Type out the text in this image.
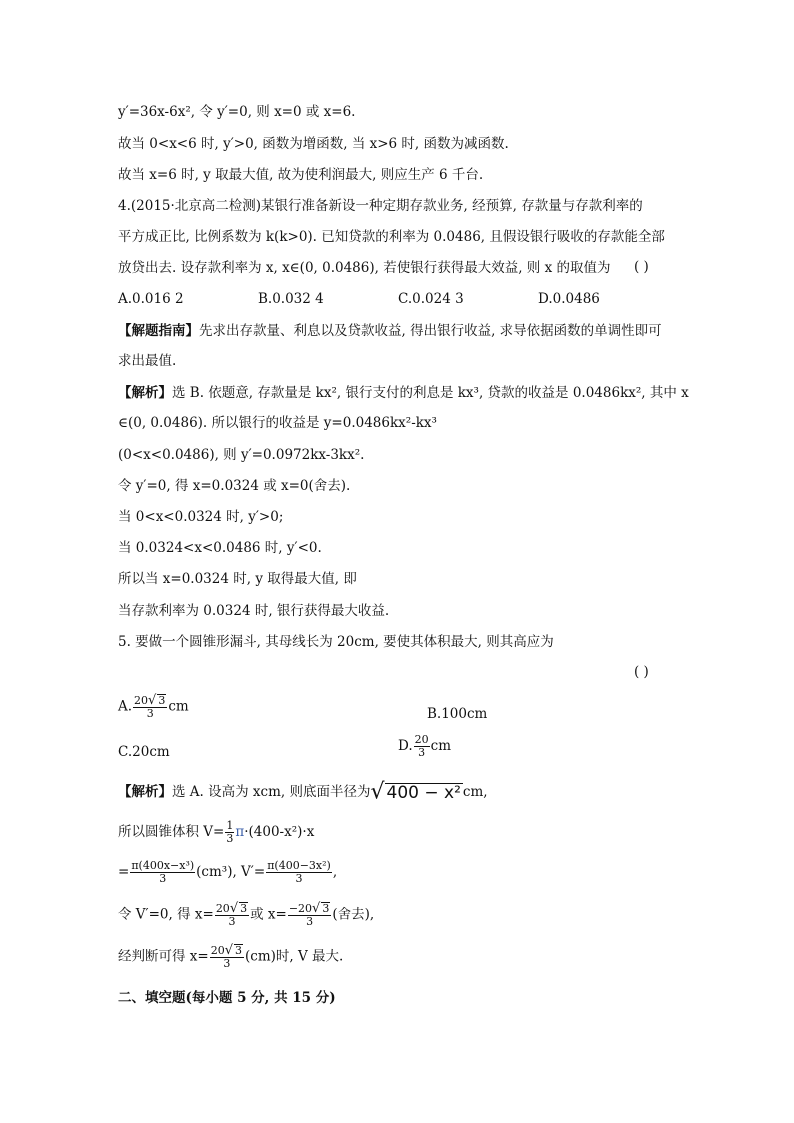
y′=36x-6x², 令 y′=0, 则 x=0 或 x=6.
故当 0<x<6 时, y′>0, 函数为增函数, 当 x>6 时, 函数为减函数.
故当 x=6 时, y 取最大值, 故为使利润最大, 则应生产 6 千台.
4.(2015·北京高二检测)某银行准备新设一种定期存款业务, 经预算, 存款量与存款利率的
平方成正比, 比例系数为 k(k>0). 已知贷款的利率为 0.0486, 且假设银行吸收的存款能全部
放贷出去. 设存款利率为 x, x∈(0, 0.0486), 若使银行获得最大效益, 则 x 的取值为 ( )
A.0.016 2	B.0.032 4	C.0.024 3	D.0.0486
【解题指南】先求出存款量、利息以及贷款收益, 得出银行收益, 求导依据函数的单调性即可
求出最值.
【解析】选 B. 依题意, 存款量是 kx², 银行支付的利息是 kx³, 贷款的收益是 0.0486kx², 其中 x
∈(0, 0.0486). 所以银行的收益是 y=0.0486kx²-kx³
(0<x<0.0486), 则 y′=0.0972kx-3kx².
令 y′=0, 得 x=0.0324 或 x=0(舍去).
当 0<x<0.0324 时, y′>0;
当 0.0324<x<0.0486 时, y′<0.
所以当 x=0.0324 时, y 取得最大值, 即
当存款利率为 0.0324 时, 银行获得最大收益.
5. 要做一个圆锥形漏斗, 其母线长为 20cm, 要使其体积最大, 则其高应为
( )
A. $\frac{20√ 3}{3}$ cm	B.100cm
C.20cm	D. $\frac{20}{3}$ cm
【解析】选 A. 设高为 xcm, 则底面半径为√ 400 − x² cm,
所以圆锥体积 $V= \frac{1}{3} \pi\cdot(400-x^2)\cdot x$
= $\frac{\text{π(400x−x³)}}{3} (cm^3)$, $V'= \frac{\text{π(400−3x²)}}{3}$ ,
令 V′=0, 得 $x= \frac{20√ 3}{3}$ 或 $x= \frac{-20√ 3}{3}$ (舍去),
经判断可得 $x= \frac{20√ 3}{3} (cm)$时, V 最大.
二、填空题(每小题 5 分, 共 15 分)
